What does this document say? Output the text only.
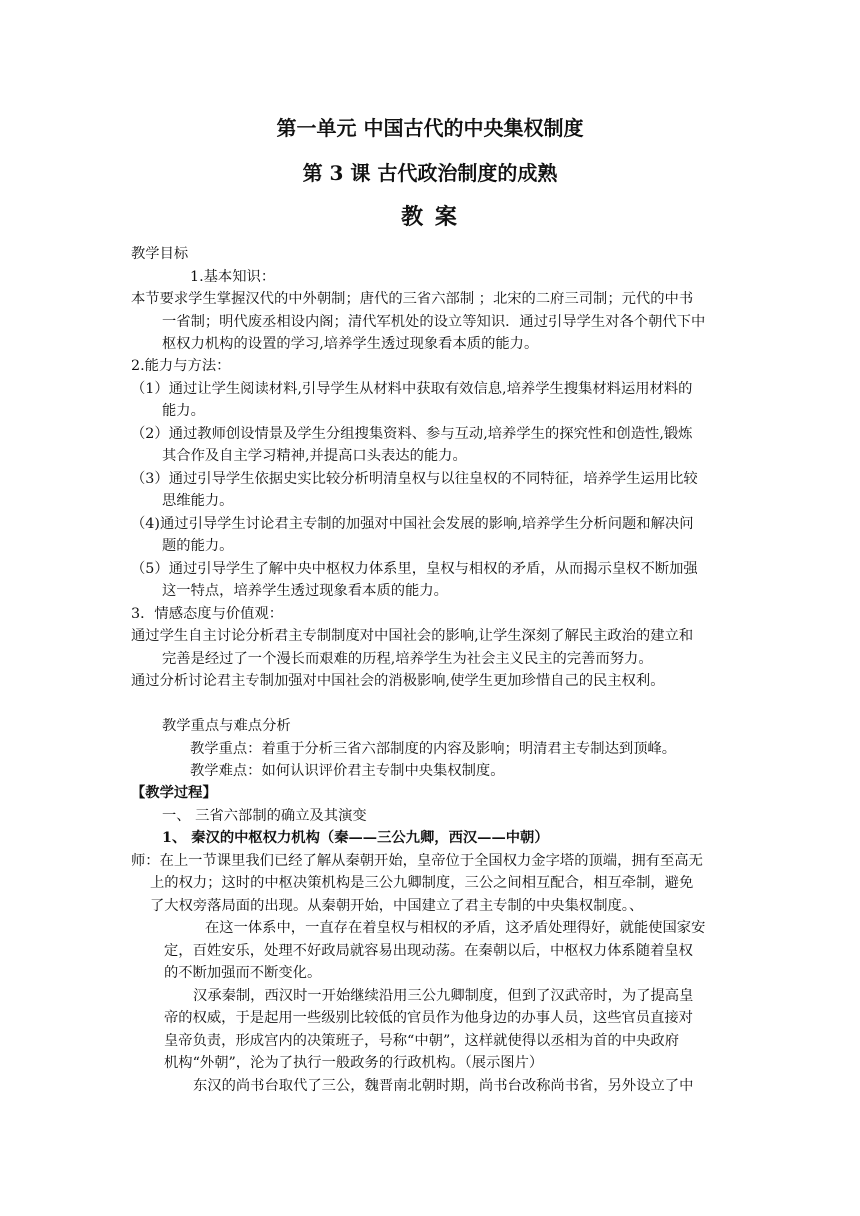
第一单元 中国古代的中央集权制度
第 3 课 古代政治制度的成熟
教 案
教学目标
1.基本知识：
本节要求学生掌握汉代的中外朝制；唐代的三省六部制 ；北宋的二府三司制；元代的中书
一省制；明代废丞相设内阁；清代军机处的设立等知识．通过引导学生对各个朝代下中
枢权力机构的设置的学习,培养学生透过现象看本质的能力。
2.能力与方法：
（1）通过让学生阅读材料,引导学生从材料中获取有效信息,培养学生搜集材料运用材料的
能力。
（2）通过教师创设情景及学生分组搜集资料、参与互动,培养学生的探究性和创造性,锻炼
其合作及自主学习精神,并提高口头表达的能力。
（3）通过引导学生依据史实比较分析明清皇权与以往皇权的不同特征，培养学生运用比较
思维能力。
（4)通过引导学生讨论君主专制的加强对中国社会发展的影响,培养学生分析问题和解决问
题的能力。
（5）通过引导学生了解中央中枢权力体系里，皇权与相权的矛盾，从而揭示皇权不断加强
这一特点，培养学生透过现象看本质的能力。
3．情感态度与价值观：
通过学生自主讨论分析君主专制制度对中国社会的影响,让学生深刻了解民主政治的建立和
完善是经过了一个漫长而艰难的历程,培养学生为社会主义民主的完善而努力。
通过分析讨论君主专制加强对中国社会的消极影响,使学生更加珍惜自己的民主权利。
教学重点与难点分析
教学重点：着重于分析三省六部制度的内容及影响；明清君主专制达到顶峰。
教学难点：如何认识评价君主专制中央集权制度。
【教学过程】
一、 三省六部制的确立及其演变
1、 秦汉的中枢权力机构（秦——三公九卿，西汉——中朝）
师：在上一节课里我们已经了解从秦朝开始，皇帝位于全国权力金字塔的顶端，拥有至高无
上的权力；这时的中枢决策机构是三公九卿制度，三公之间相互配合，相互牵制，避免
了大权旁落局面的出现。从秦朝开始，中国建立了君主专制的中央集权制度。、
在这一体系中，一直存在着皇权与相权的矛盾，这矛盾处理得好，就能使国家安
定，百姓安乐，处理不好政局就容易出现动荡。在秦朝以后，中枢权力体系随着皇权
的不断加强而不断变化。
汉承秦制，西汉时一开始继续沿用三公九卿制度，但到了汉武帝时，为了提高皇
帝的权威，于是起用一些级别比较低的官员作为他身边的办事人员，这些官员直接对
皇帝负责，形成宫内的决策班子，号称“中朝”，这样就使得以丞相为首的中央政府
机构“外朝”，沦为了执行一般政务的行政机构。（展示图片）
东汉的尚书台取代了三公，魏晋南北朝时期，尚书台改称尚书省，另外设立了中
